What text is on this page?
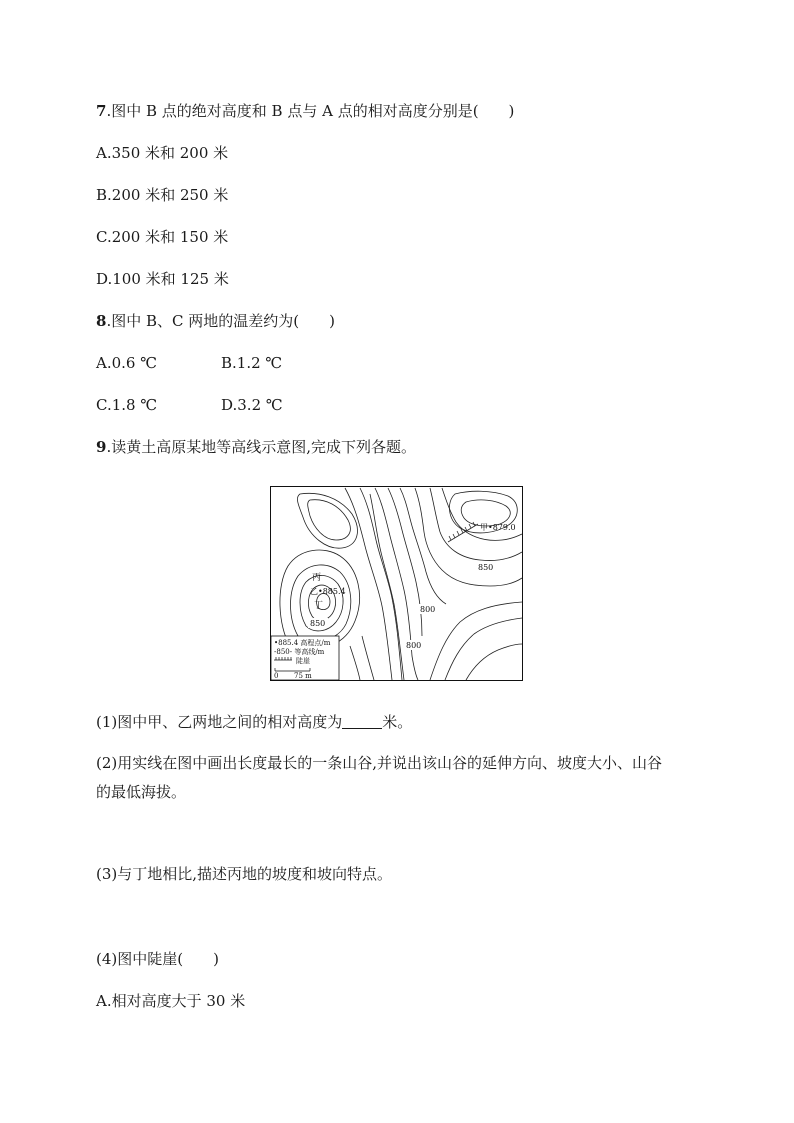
7.图中 B 点的绝对高度和 B 点与 A 点的相对高度分别是(　　)
A.350 米和 200 米
B.200 米和 250 米
C.200 米和 150 米
D.100 米和 125 米
8.图中 B、C 两地的温差约为(　　)
A.0.6 ℃	B.1.2 ℃
C.1.8 ℃	D.3.2 ℃
9.读黄土高原某地等高线示意图,完成下列各题。
甲•879.0
850
丙
乙•885.4
丁
850
800
800
•885.4 高程点/m
-850- 等高线/m
陡崖
0 75 m
(1)图中甲、乙两地之间的相对高度为	米。
(2)用实线在图中画出长度最长的一条山谷,并说出该山谷的延伸方向、坡度大小、山谷
的最低海拔。
(3)与丁地相比,描述丙地的坡度和坡向特点。
(4)图中陡崖(　　)
A.相对高度大于 30 米
